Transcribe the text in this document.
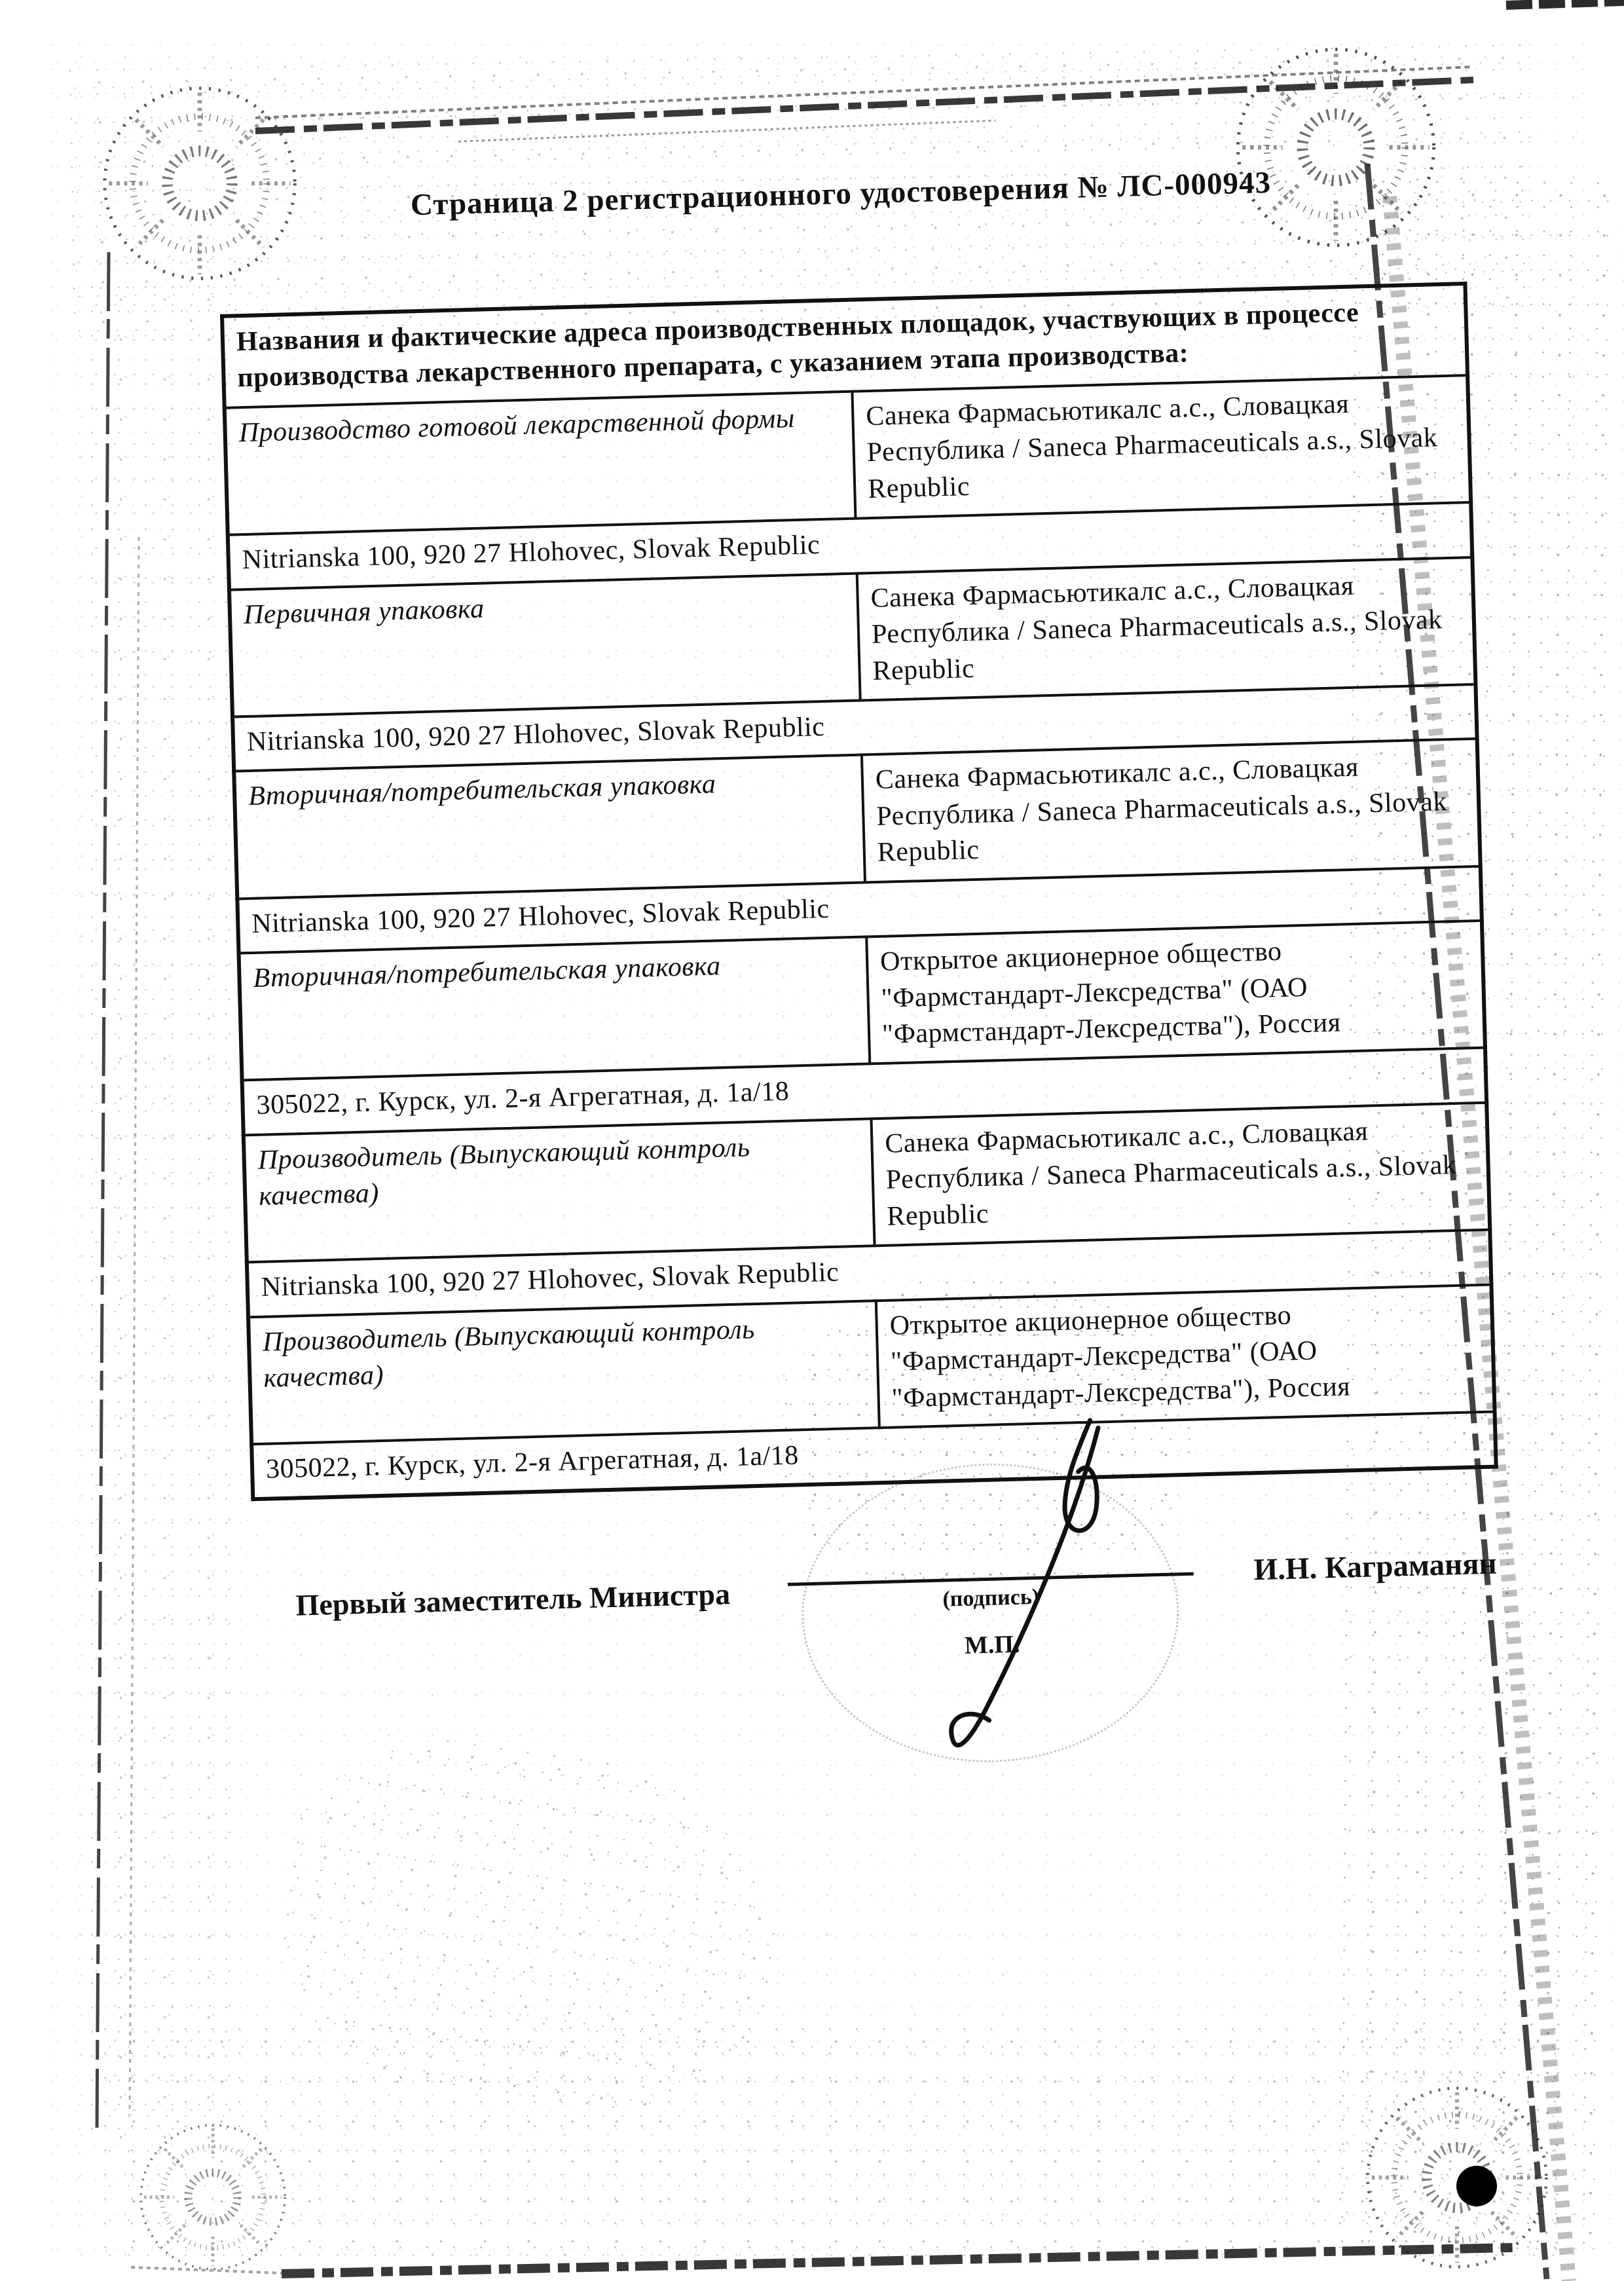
Страница 2 регистрационного удостоверения № ЛС-000943
Названия и фактические адреса производственных площадок, участвующих в процессе производства лекарственного препарата, с указанием этапа производства:	
Производство готовой лекарственной формы	Санека Фармасьютикалс а.с., Словацкая Республика / Saneca Pharmaceuticals a.s., Slovak Republic
Nitrianska 100, 920 27 Hlohovec, Slovak Republic	
Первичная упаковка	Санека Фармасьютикалс а.с., Словацкая Республика / Saneca Pharmaceuticals a.s., Slovak Republic
Nitrianska 100, 920 27 Hlohovec, Slovak Republic	
Вторичная/потребительская упаковка	Санека Фармасьютикалс а.с., Словацкая Республика / Saneca Pharmaceuticals a.s., Slovak Republic
Nitrianska 100, 920 27 Hlohovec, Slovak Republic	
Вторичная/потребительская упаковка	Открытое акционерное общество "Фармстандарт-Лексредства" (ОАО "Фармстандарт-Лексредства"), Россия
305022, г. Курск, ул. 2-я Агрегатная, д. 1а/18	
Производитель (Выпускающий контроль качества)	Санека Фармасьютикалс а.с., Словацкая Республика / Saneca Pharmaceuticals a.s., Slovak Republic
Nitrianska 100, 920 27 Hlohovec, Slovak Republic	
Производитель (Выпускающий контроль качества)	Открытое акционерное общество "Фармстандарт-Лексредства" (ОАО "Фармстандарт-Лексредства"), Россия
305022, г. Курск, ул. 2-я Агрегатная, д. 1а/18	
Первый заместитель Министра	(подпись)
М.П.
И.Н. Каграманян
